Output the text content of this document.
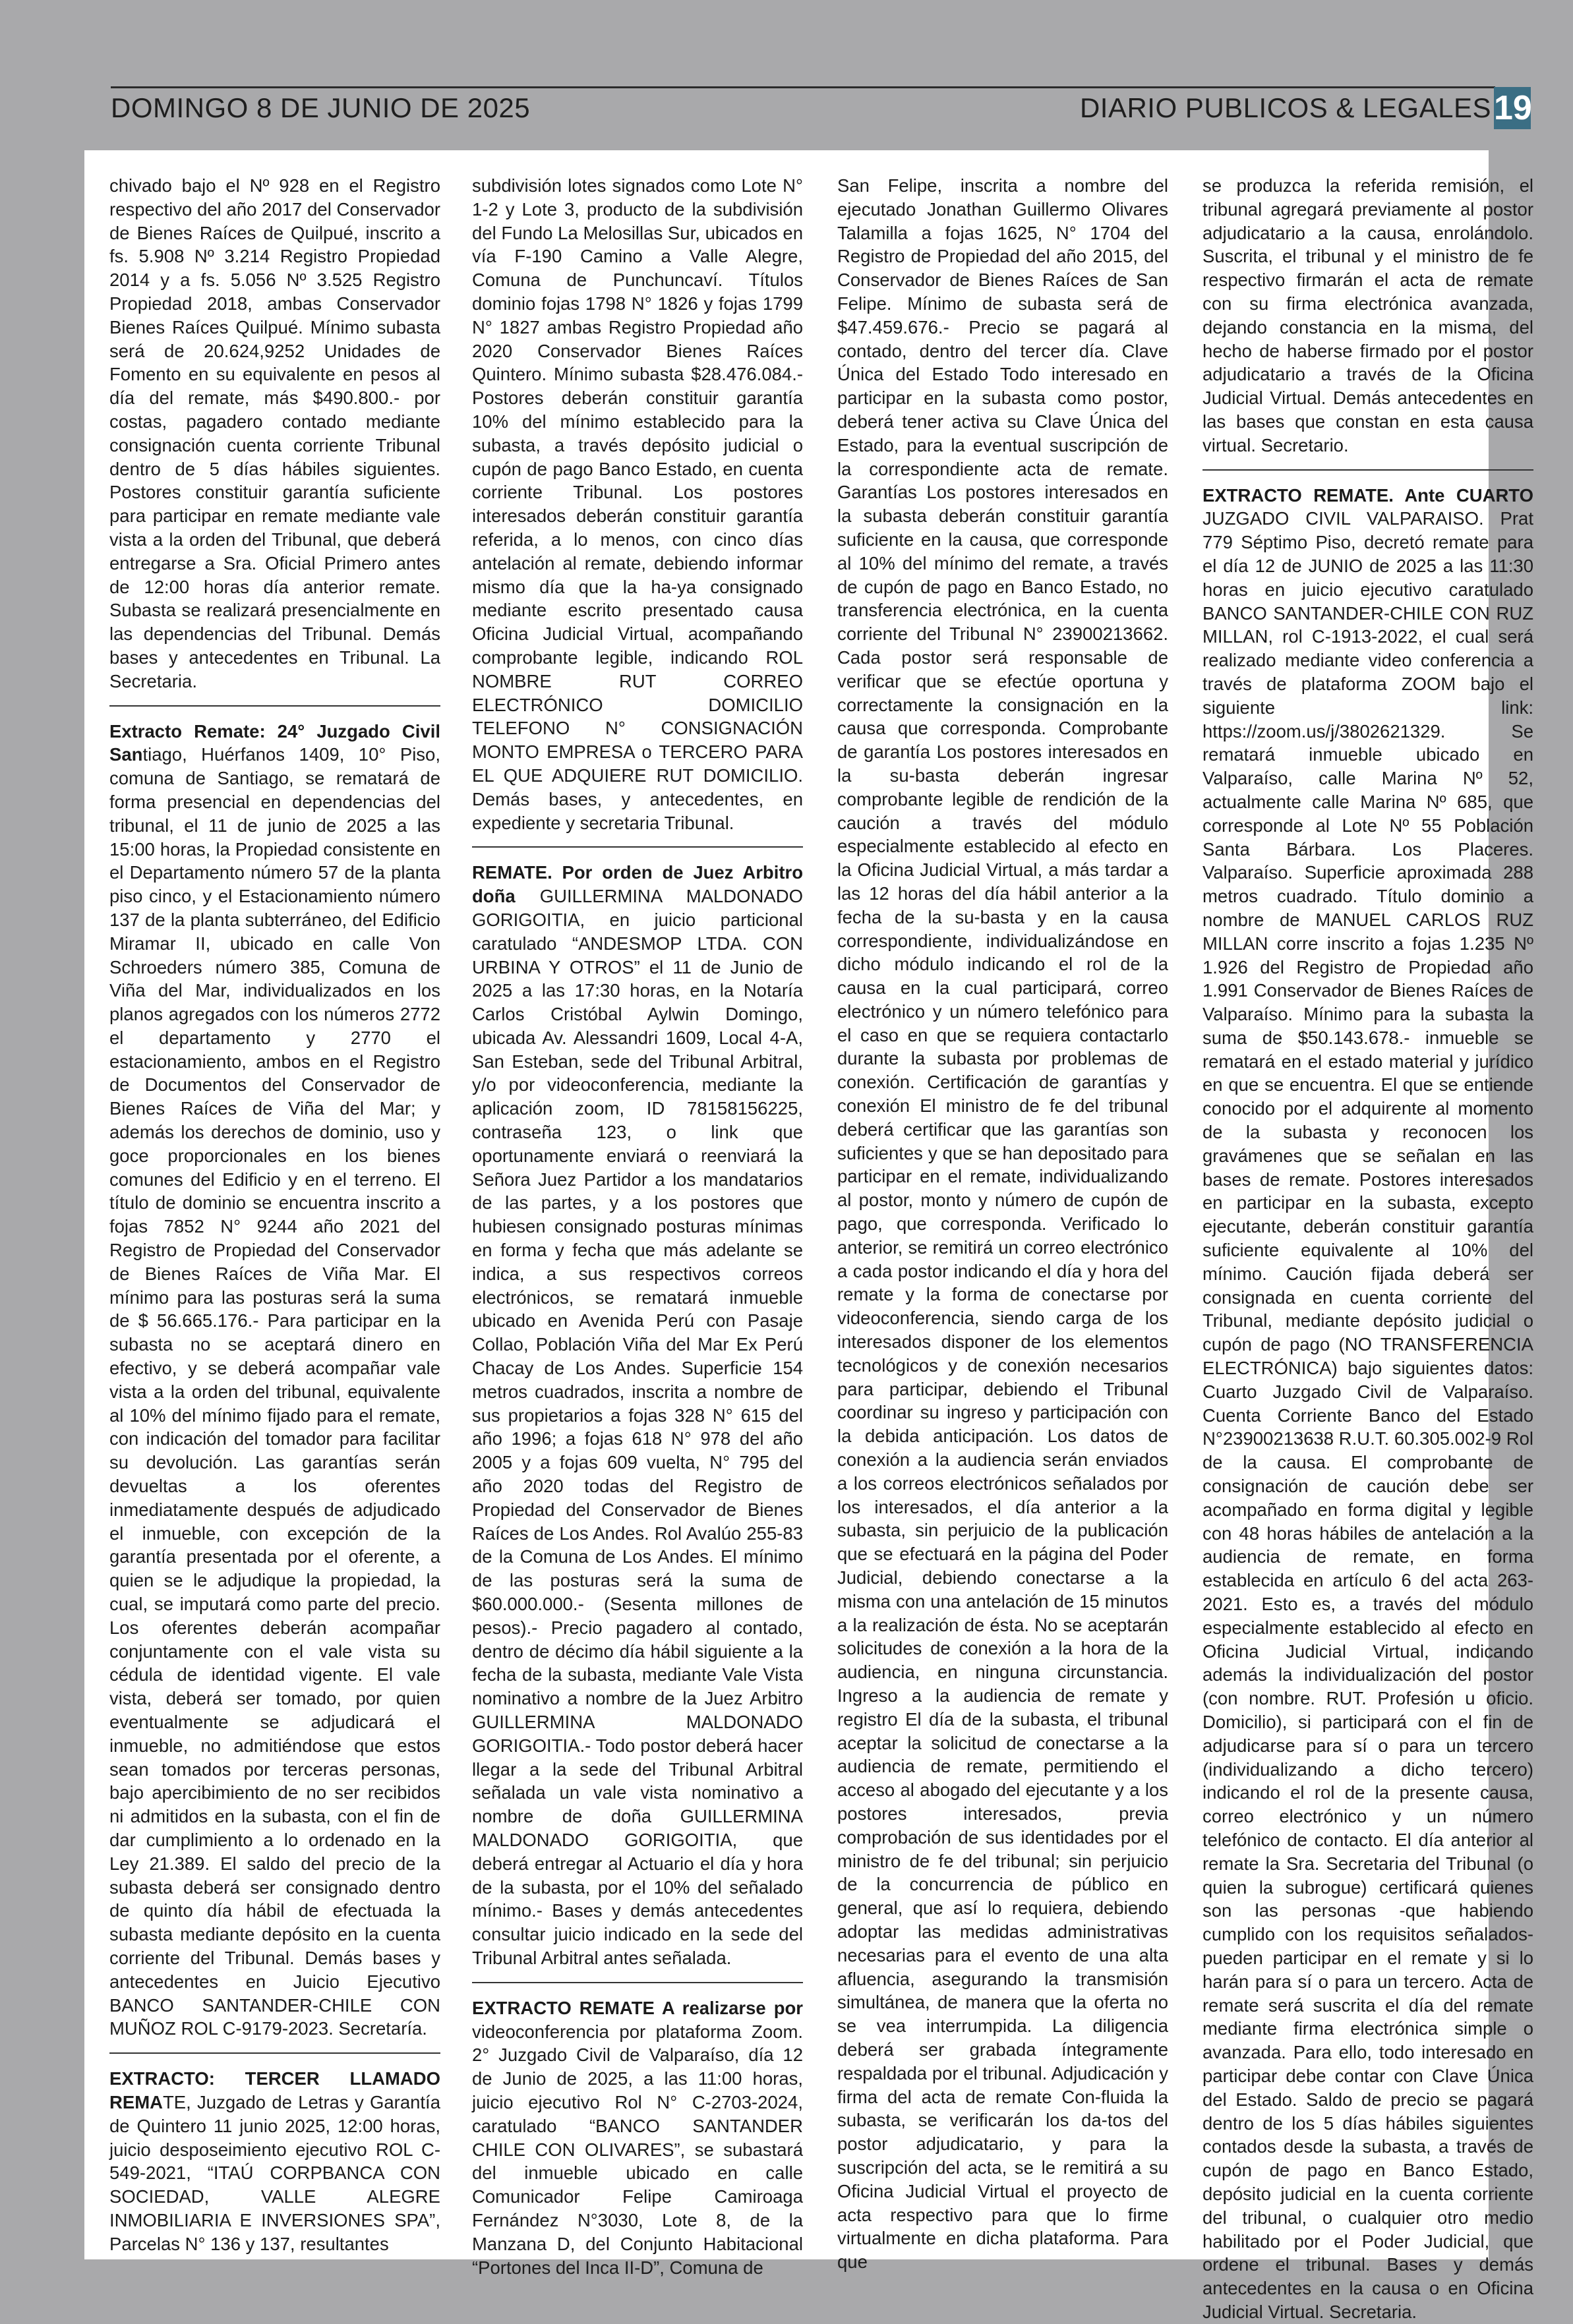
DOMINGO 8 DE JUNIO DE 2025	DIARIO PUBLICOS & LEGALES 19

chivado bajo el Nº 928 en el Registro respectivo del año 2017 del Conservador de Bienes Raíces de Quilpué, inscrito a fs. 5.908 Nº 3.214 Registro Propiedad 2014 y a fs. 5.056 Nº 3.525 Registro Propiedad 2018, ambas Conservador Bienes Raíces Quilpué. Mínimo subasta será de 20.624,9252 Unidades de Fomento en su equivalente en pesos al día del remate, más $490.800.- por costas, pagadero contado mediante consignación cuenta corriente Tribunal dentro de 5 días hábiles siguientes. Postores constituir garantía suficiente para participar en remate mediante vale vista a la orden del Tribunal, que deberá entregarse a Sra. Oficial Primero antes de 12:00 horas día anterior remate. Subasta se realizará presencialmente en las dependencias del Tribunal. Demás bases y antecedentes en Tribunal. La Secretaria.

Extracto Remate: 24° Juzgado Civil Santiago, Huérfanos 1409, 10° Piso, comuna de Santiago, se rematará de forma presencial en dependencias del tribunal, el 11 de junio de 2025 a las 15:00 horas, la Propiedad consistente en el Departamento número 57 de la planta piso cinco, y el Estacionamiento número 137 de la planta subterráneo, del Edificio Miramar II, ubicado en calle Von Schroeders número 385, Comuna de Viña del Mar, individualizados en los planos agregados con los números 2772 el departamento y 2770 el estacionamiento, ambos en el Registro de Documentos del Conservador de Bienes Raíces de Viña del Mar; y además los derechos de dominio, uso y goce proporcionales en los bienes comunes del Edificio y en el terreno. El título de dominio se encuentra inscrito a fojas 7852 N° 9244 año 2021 del Registro de Propiedad del Conservador de Bienes Raíces de Viña Mar. El mínimo para las posturas será la suma de $ 56.665.176.- Para participar en la subasta no se aceptará dinero en efectivo, y se deberá acompañar vale vista a la orden del tribunal, equivalente al 10% del mínimo fijado para el remate, con indicación del tomador para facilitar su devolución. Las garantías serán devueltas a los oferentes inmediatamente después de adjudicado el inmueble, con excepción de la garantía presentada por el oferente, a quien se le adjudique la propiedad, la cual, se imputará como parte del precio. Los oferentes deberán acompañar conjuntamente con el vale vista su cédula de identidad vigente. El vale vista, deberá ser tomado, por quien eventualmente se adjudicará el inmueble, no admitiéndose que estos sean tomados por terceras personas, bajo apercibimiento de no ser recibidos ni admitidos en la subasta, con el fin de dar cumplimiento a lo ordenado en la Ley 21.389. El saldo del precio de la subasta deberá ser consignado dentro de quinto día hábil de efectuada la subasta mediante depósito en la cuenta corriente del Tribunal. Demás bases y antecedentes en Juicio Ejecutivo BANCO SANTANDER-CHILE CON MUÑOZ ROL C-9179-2023. Secretaría.

EXTRACTO: TERCER LLAMADO REMATE, Juzgado de Letras y Garantía de Quintero 11 junio 2025, 12:00 horas, juicio desposeimiento ejecutivo ROL C-549-2021, “ITAÚ CORPBANCA CON SOCIEDAD, VALLE ALEGRE INMOBILIARIA E INVERSIONES SPA”, Parcelas N° 136 y 137, resultantes

subdivisión lotes signados como Lote N° 1-2 y Lote 3, producto de la subdivisión del Fundo La Melosillas Sur, ubicados en vía F-190 Camino a Valle Alegre, Comuna de Punchuncaví. Títulos dominio fojas 1798 N° 1826 y fojas 1799 N° 1827 ambas Registro Propiedad año 2020 Conservador Bienes Raíces Quintero. Mínimo subasta $28.476.084.- Postores deberán constituir garantía 10% del mínimo establecido para la subasta, a través depósito judicial o cupón de pago Banco Estado, en cuenta corriente Tribunal. Los postores interesados deberán constituir garantía referida, a lo menos, con cinco días antelación al remate, debiendo informar mismo día que la ha-ya consignado mediante escrito presentado causa Oficina Judicial Virtual, acompañando comprobante legible, indicando ROL NOMBRE RUT CORREO ELECTRÓNICO DOMICILIO TELEFONO N° CONSIGNACIÓN MONTO EMPRESA o TERCERO PARA EL QUE ADQUIERE RUT DOMICILIO. Demás bases, y antecedentes, en expediente y secretaria Tribunal.

REMATE. Por orden de Juez Arbitro doña GUILLERMINA MALDONADO GORIGOITIA, en juicio particional caratulado “ANDESMOP LTDA. CON URBINA Y OTROS” el 11 de Junio de 2025 a las 17:30 horas, en la Notaría Carlos Cristóbal Aylwin Domingo, ubicada Av. Alessandri 1609, Local 4-A, San Esteban, sede del Tribunal Arbitral, y/o por videoconferencia, mediante la aplicación zoom, ID 78158156225, contraseña 123, o link que oportunamente enviará o reenviará la Señora Juez Partidor a los mandatarios de las partes, y a los postores que hubiesen consignado posturas mínimas en forma y fecha que más adelante se indica, a sus respectivos correos electrónicos, se rematará inmueble ubicado en Avenida Perú con Pasaje Collao, Población Viña del Mar Ex Perú Chacay de Los Andes. Superficie 154 metros cuadrados, inscrita a nombre de sus propietarios a fojas 328 N° 615 del año 1996; a fojas 618 N° 978 del año 2005 y a fojas 609 vuelta, N° 795 del año 2020 todas del Registro de Propiedad del Conservador de Bienes Raíces de Los Andes. Rol Avalúo 255-83 de la Comuna de Los Andes. El mínimo de las posturas será la suma de $60.000.000.- (Sesenta millones de pesos).- Precio pagadero al contado, dentro de décimo día hábil siguiente a la fecha de la subasta, mediante Vale Vista nominativo a nombre de la Juez Arbitro GUILLERMINA MALDONADO GORIGOITIA.- Todo postor deberá hacer llegar a la sede del Tribunal Arbitral señalada un vale vista nominativo a nombre de doña GUILLERMINA MALDONADO GORIGOITIA, que deberá entregar al Actuario el día y hora de la subasta, por el 10% del señalado mínimo.- Bases y demás antecedentes consultar juicio indicado en la sede del Tribunal Arbitral antes señalada.

EXTRACTO REMATE A realizarse por videoconferencia por plataforma Zoom. 2° Juzgado Civil de Valparaíso, día 12 de Junio de 2025, a las 11:00 horas, juicio ejecutivo Rol N° C-2703-2024, caratulado “BANCO SANTANDER CHILE CON OLIVARES”, se subastará del inmueble ubicado en calle Comunicador Felipe Camiroaga Fernández N°3030, Lote 8, de la Manzana D, del Conjunto Habitacional “Portones del Inca II-D”, Comuna de

San Felipe, inscrita a nombre del ejecutado Jonathan Guillermo Olivares Talamilla a fojas 1625, N° 1704 del Registro de Propiedad del año 2015, del Conservador de Bienes Raíces de San Felipe. Mínimo de subasta será de $47.459.676.- Precio se pagará al contado, dentro del tercer día. Clave Única del Estado Todo interesado en participar en la subasta como postor, deberá tener activa su Clave Única del Estado, para la eventual suscripción de la correspondiente acta de remate. Garantías Los postores interesados en la subasta deberán constituir garantía suficiente en la causa, que corresponde al 10% del mínimo del remate, a través de cupón de pago en Banco Estado, no transferencia electrónica, en la cuenta corriente del Tribunal N° 23900213662. Cada postor será responsable de verificar que se efectúe oportuna y correctamente la consignación en la causa que corresponda. Comprobante de garantía Los postores interesados en la su-basta deberán ingresar comprobante legible de rendición de la caución a través del módulo especialmente establecido al efecto en la Oficina Judicial Virtual, a más tardar a las 12 horas del día hábil anterior a la fecha de la su-basta y en la causa correspondiente, individualizándose en dicho módulo indicando el rol de la causa en la cual participará, correo electrónico y un número telefónico para el caso en que se requiera contactarlo durante la subasta por problemas de conexión. Certificación de garantías y conexión El ministro de fe del tribunal deberá certificar que las garantías son suficientes y que se han depositado para participar en el remate, individualizando al postor, monto y número de cupón de pago, que corresponda. Verificado lo anterior, se remitirá un correo electrónico a cada postor indicando el día y hora del remate y la forma de conectarse por videoconferencia, siendo carga de los interesados disponer de los elementos tecnológicos y de conexión necesarios para participar, debiendo el Tribunal coordinar su ingreso y participación con la debida anticipación. Los datos de conexión a la audiencia serán enviados a los correos electrónicos señalados por los interesados, el día anterior a la subasta, sin perjuicio de la publicación que se efectuará en la página del Poder Judicial, debiendo conectarse a la misma con una antelación de 15 minutos a la realización de ésta. No se aceptarán solicitudes de conexión a la hora de la audiencia, en ninguna circunstancia. Ingreso a la audiencia de remate y registro El día de la subasta, el tribunal aceptar la solicitud de conectarse a la audiencia de remate, permitiendo el acceso al abogado del ejecutante y a los postores interesados, previa comprobación de sus identidades por el ministro de fe del tribunal; sin perjuicio de la concurrencia de público en general, que así lo requiera, debiendo adoptar las medidas administrativas necesarias para el evento de una alta afluencia, asegurando la transmisión simultánea, de manera que la oferta no se vea interrumpida. La diligencia deberá ser grabada íntegramente respaldada por el tribunal. Adjudicación y firma del acta de remate Con-fluida la subasta, se verificarán los da-tos del postor adjudicatario, y para la suscripción del acta, se le remitirá a su Oficina Judicial Virtual el proyecto de acta respectivo para que lo firme virtualmente en dicha plataforma. Para que

se produzca la referida remisión, el tribunal agregará previamente al postor adjudicatario a la causa, enrolándolo. Suscrita, el tribunal y el ministro de fe respectivo firmarán el acta de remate con su firma electrónica avanzada, dejando constancia en la misma, del hecho de haberse firmado por el postor adjudicatario a través de la Oficina Judicial Virtual. Demás antecedentes en las bases que constan en esta causa virtual. Secretario.

EXTRACTO REMATE. Ante CUARTO JUZGADO CIVIL VALPARAISO. Prat 779 Séptimo Piso, decretó remate para el día 12 de JUNIO de 2025 a las 11:30 horas en juicio ejecutivo caratulado BANCO SANTANDER-CHILE CON RUZ MILLAN, rol C-1913-2022, el cual será realizado mediante video conferencia a través de plataforma ZOOM bajo el siguiente link: https://zoom.us/j/3802621329. Se rematará inmueble ubicado en Valparaíso, calle Marina Nº 52, actualmente calle Marina Nº 685, que corresponde al Lote Nº 55 Población Santa Bárbara. Los Placeres. Valparaíso. Superficie aproximada 288 metros cuadrado. Título dominio a nombre de MANUEL CARLOS RUZ MILLAN corre inscrito a fojas 1.235 Nº 1.926 del Registro de Propiedad año 1.991 Conservador de Bienes Raíces de Valparaíso. Mínimo para la subasta la suma de $50.143.678.- inmueble se rematará en el estado material y jurídico en que se encuentra. El que se entiende conocido por el adquirente al momento de la subasta y reconocen los gravámenes que se señalan en las bases de remate. Postores interesados en participar en la subasta, excepto ejecutante, deberán constituir garantía suficiente equivalente al 10% del mínimo. Caución fijada deberá ser consignada en cuenta corriente del Tribunal, mediante depósito judicial o cupón de pago (NO TRANSFERENCIA ELECTRÓNICA) bajo siguientes datos: Cuarto Juzgado Civil de Valparaíso. Cuenta Corriente Banco del Estado N°23900213638 R.U.T. 60.305.002-9 Rol de la causa. El comprobante de consignación de caución debe ser acompañado en forma digital y legible con 48 horas hábiles de antelación a la audiencia de remate, en forma establecida en artículo 6 del acta 263-2021. Esto es, a través del módulo especialmente establecido al efecto en Oficina Judicial Virtual, indicando además la individualización del postor (con nombre. RUT. Profesión u oficio. Domicilio), si participará con el fin de adjudicarse para sí o para un tercero (individualizando a dicho tercero) indicando el rol de la presente causa, correo electrónico y un número telefónico de contacto. El día anterior al remate la Sra. Secretaria del Tribunal (o quien la subrogue) certificará quienes son las personas -que habiendo cumplido con los requisitos señalados- pueden participar en el remate y si lo harán para sí o para un tercero. Acta de remate será suscrita el día del remate mediante firma electrónica simple o avanzada. Para ello, todo interesado en participar debe contar con Clave Única del Estado. Saldo de precio se pagará dentro de los 5 días hábiles siguientes contados desde la subasta, a través de cupón de pago en Banco Estado, depósito judicial en la cuenta corriente del tribunal, o cualquier otro medio habilitado por el Poder Judicial, que ordene el tribunal. Bases y demás antecedentes en la causa o en Oficina Judicial Virtual. Secretaria.
